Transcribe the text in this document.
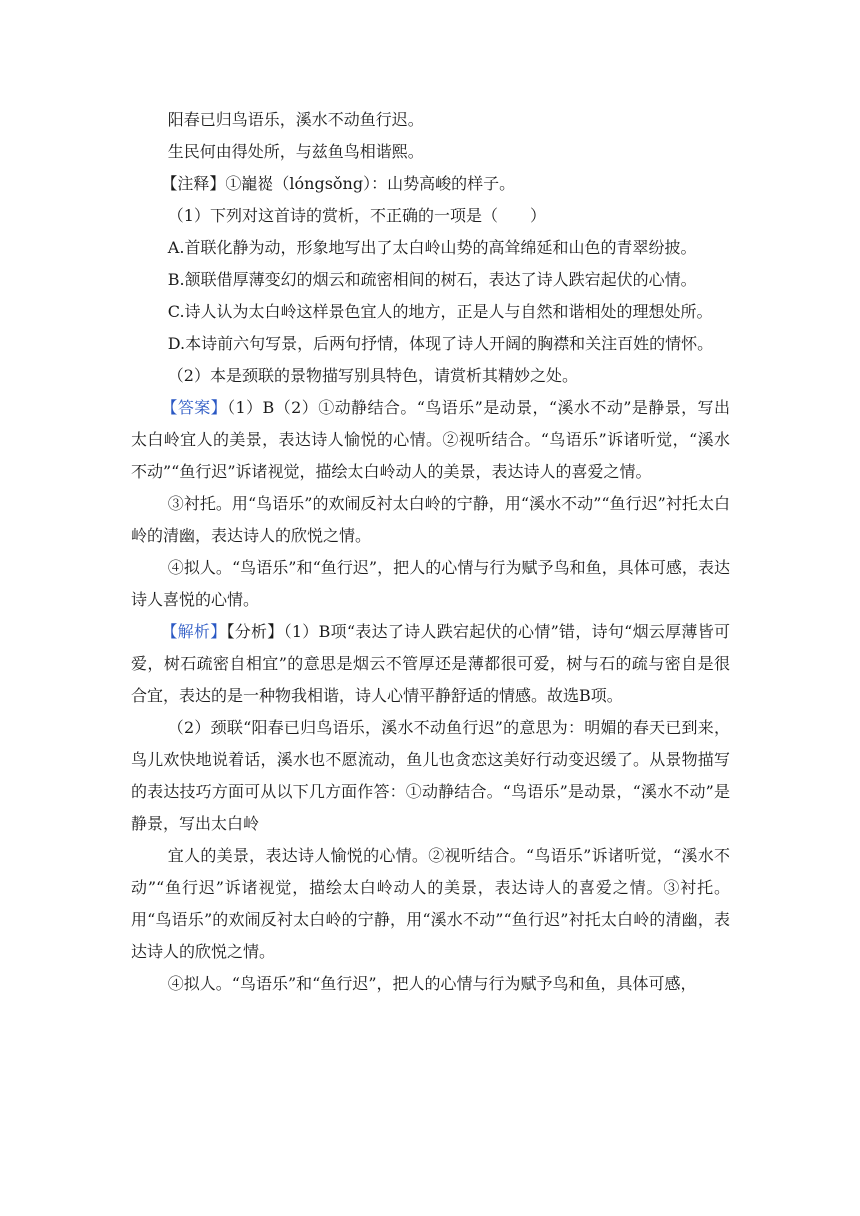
阳春已归鸟语乐，溪水不动鱼行迟。

生民何由得处所，与兹鱼鸟相谐熙。

【注释】①巃嵸（lóngsǒng）：山势高峻的样子。

（1）下列对这首诗的赏析，不正确的一项是（　　）

A.首联化静为动，形象地写出了太白岭山势的高耸绵延和山色的青翠纷披。

B.颔联借厚薄变幻的烟云和疏密相间的树石，表达了诗人跌宕起伏的心情。

C.诗人认为太白岭这样景色宜人的地方，正是人与自然和谐相处的理想处所。

D.本诗前六句写景，后两句抒情，体现了诗人开阔的胸襟和关注百姓的情怀。

（2）本是颈联的景物描写别具特色，请赏析其精妙之处。

【答案】（1）B（2）①动静结合。“鸟语乐”是动景，“溪水不动”是静景，写出太白岭宜人的美景，表达诗人愉悦的心情。②视听结合。“鸟语乐”诉诸听觉，“溪水不动”“鱼行迟”诉诸视觉，描绘太白岭动人的美景，表达诗人的喜爱之情。

③衬托。用“鸟语乐”的欢闹反衬太白岭的宁静，用“溪水不动”“鱼行迟”衬托太白岭的清幽，表达诗人的欣悦之情。

④拟人。“鸟语乐”和“鱼行迟”，把人的心情与行为赋予鸟和鱼，具体可感，表达诗人喜悦的心情。

【解析】【分析】（1）B项“表达了诗人跌宕起伏的心情”错，诗句“烟云厚薄皆可爱，树石疏密自相宜”的意思是烟云不管厚还是薄都很可爱，树与石的疏与密自是很合宜，表达的是一种物我相谐，诗人心情平静舒适的情感。故选B项。

（2）颈联“阳春已归鸟语乐，溪水不动鱼行迟”的意思为：明媚的春天已到来，鸟儿欢快地说着话，溪水也不愿流动，鱼儿也贪恋这美好行动变迟缓了。从景物描写的表达技巧方面可从以下几方面作答：①动静结合。“鸟语乐”是动景，“溪水不动”是静景，写出太白岭

宜人的美景，表达诗人愉悦的心情。②视听结合。“鸟语乐”诉诸听觉，“溪水不动”“鱼行迟”诉诸视觉，描绘太白岭动人的美景，表达诗人的喜爱之情。③衬托。用“鸟语乐”的欢闹反衬太白岭的宁静，用“溪水不动”“鱼行迟”衬托太白岭的清幽，表达诗人的欣悦之情。

④拟人。“鸟语乐”和“鱼行迟”，把人的心情与行为赋予鸟和鱼，具体可感，
